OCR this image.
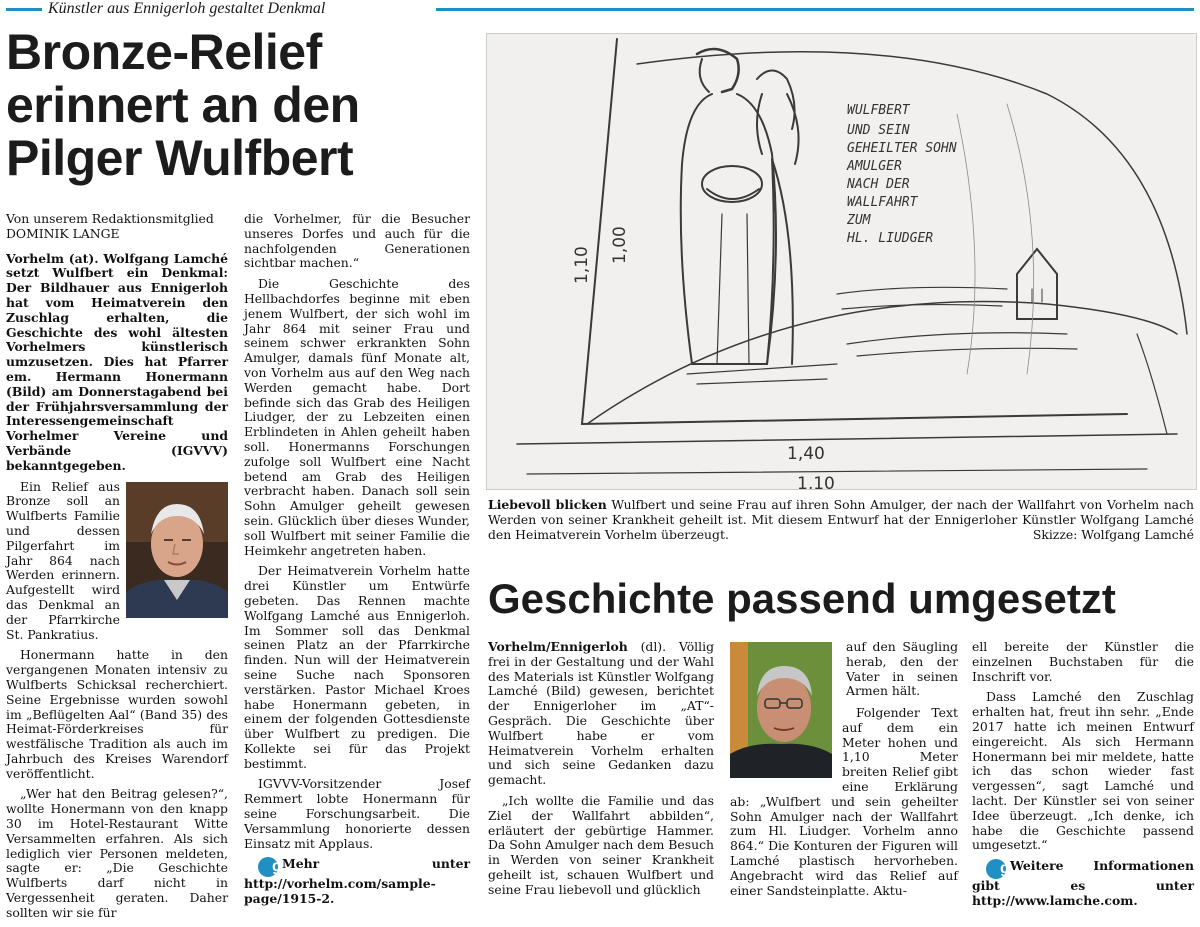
Künstler aus Ennigerloh gestaltet Denkmal
Bronze-Relief erinnert an den Pilger Wulfbert
Von unserem Redaktionsmitglied
DOMINIK LANGE

Vorhelm (at). Wolfgang Lamché setzt Wulfbert ein Denkmal: Der Bildhauer aus Ennigerloh hat vom Heimatverein den Zuschlag erhalten, die Geschichte des wohl ältesten Vorhelmers künstlerisch umzusetzen. Dies hat Pfarrer em. Hermann Honermann (Bild) am Donnerstagabend bei der Frühjahrsversammlung der Interessengemeinschaft Vorhelmer Vereine und Verbände (IGVVV) bekanntgegeben.

Ein Relief aus Bronze soll an Wulfberts Familie und dessen Pilgerfahrt im Jahr 864 nach Werden erinnern. Aufgestellt wird das Denkmal an der Pfarrkirche St. Pankratius.

Honermann hatte in den vergangenen Monaten intensiv zu Wulfberts Schicksal recherchiert. Seine Ergebnisse wurden sowohl im „Beflügelten Aal“ (Band 35) des Heimat-Förderkreises für westfälische Tradition als auch im Jahrbuch des Kreises Warendorf veröffentlicht.

„Wer hat den Beitrag gelesen?“, wollte Honermann von den knapp 30 im Hotel-Restaurant Witte Versammelten erfahren. Als sich lediglich vier Personen meldeten, sagte er: „Die Geschichte Wulfberts darf nicht in Vergessenheit geraten. Daher sollten wir sie für

die Vorhelmer, für die Besucher unseres Dorfes und auch für die nachfolgenden Generationen sichtbar machen.“

Die Geschichte des Hellbachdorfes beginne mit eben jenem Wulfbert, der sich wohl im Jahr 864 mit seiner Frau und seinem schwer erkrankten Sohn Amulger, damals fünf Monate alt, von Vorhelm aus auf den Weg nach Werden gemacht habe. Dort befinde sich das Grab des Heiligen Liudger, der zu Lebzeiten einen Erblindeten in Ahlen geheilt haben soll. Honermanns Forschungen zufolge soll Wulfbert eine Nacht betend am Grab des Heiligen verbracht haben. Danach soll sein Sohn Amulger geheilt gewesen sein. Glücklich über dieses Wunder, soll Wulfbert mit seiner Familie die Heimkehr angetreten haben.

Der Heimatverein Vorhelm hatte drei Künstler um Entwürfe gebeten. Das Rennen machte Wolfgang Lamché aus Ennigerloh. Im Sommer soll das Denkmal seinen Platz an der Pfarrkirche finden. Nun will der Heimatverein seine Suche nach Sponsoren verstärken. Pastor Michael Kroes habe Honermann gebeten, in einem der folgenden Gottesdienste über Wulfbert zu predigen. Die Kollekte sei für das Projekt bestimmt.

IGVVV-Vorsitzender Josef Remmert lobte Honermann für seine Forschungsarbeit. Die Versammlung honorierte dessen Einsatz mit Applaus.

gMehr unter http://vorhelm.com/sample-page/1915-2.

WULFBERT
UND SEIN
GEHEILTER SOHN
AMULGER
NACH DER
WALLFAHRT
ZUM
HL. LIUDGER
1,10
1,00
1,40
1,10
Liebevoll blicken Wulfbert und seine Frau auf ihren Sohn Amulger, der nach der Wallfahrt von Vorhelm nach Werden von seiner Krankheit geheilt ist. Mit diesem Entwurf hat der Ennigerloher Künstler Wolfgang Lamché den Heimatverein Vorhelm überzeugt.	Skizze: Wolfgang Lamché
Geschichte passend umgesetzt

Vorhelm/Ennigerloh (dl). Völlig frei in der Gestaltung und der Wahl des Materials ist Künstler Wolfgang Lamché (Bild) gewesen, berichtet der Ennigerloher im „AT“-Gespräch. Die Geschichte über Wulfbert habe er vom Heimatverein Vorhelm erhalten und sich seine Gedanken dazu gemacht.

„Ich wollte die Familie und das Ziel der Wallfahrt abbilden“, erläutert der gebürtige Hammer. Da Sohn Amulger nach dem Besuch in Werden von seiner Krankheit geheilt ist, schauen Wulfbert und seine Frau liebevoll und glücklich

auf den Säugling herab, den der Vater in seinen Armen hält.

Folgender Text auf dem ein Meter hohen und 1,10 Meter breiten Relief gibt eine Erklärung ab: „Wulfbert und sein geheilter Sohn Amulger nach der Wallfahrt zum Hl. Liudger. Vorhelm anno 864.“ Die Konturen der Figuren will Lamché plastisch hervorheben. Angebracht wird das Relief auf einer Sandsteinplatte. Aktu-

ell bereite der Künstler die einzelnen Buchstaben für die Inschrift vor.

Dass Lamché den Zuschlag erhalten hat, freut ihn sehr. „Ende 2017 hatte ich meinen Entwurf eingereicht. Als sich Hermann Honermann bei mir meldete, hatte ich das schon wieder fast vergessen“, sagt Lamché und lacht. Der Künstler sei von seiner Idee überzeugt. „Ich denke, ich habe die Geschichte passend umgesetzt.“

gWeitere Informationen gibt es unter http://www.lamche.com.
